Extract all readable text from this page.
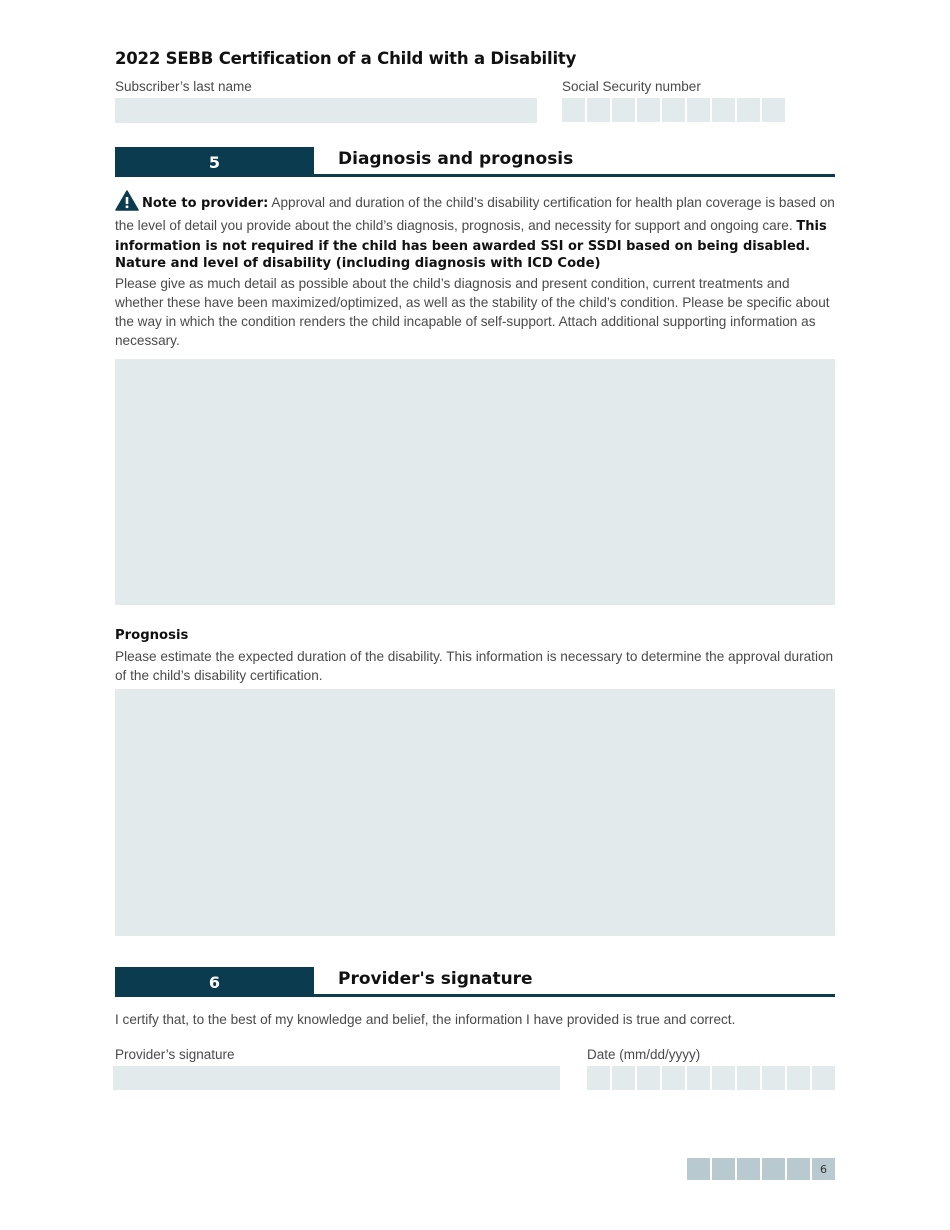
2022 SEBB Certification of a Child with a Disability
Subscriber’s last name	Social Security number
5	Diagnosis and prognosis
Note to provider: Approval and duration of the child’s disability certification for health plan coverage is based on the level of detail you provide about the child’s diagnosis, prognosis, and necessity for support and ongoing care. This information is not required if the child has been awarded SSI or SSDI based on being disabled.
Nature and level of disability (including diagnosis with ICD Code)
Please give as much detail as possible about the child’s diagnosis and present condition, current treatments and whether these have been maximized/optimized, as well as the stability of the child’s condition. Please be specific about the way in which the condition renders the child incapable of self-support. Attach additional supporting information as necessary.
Prognosis
Please estimate the expected duration of the disability. This information is necessary to determine the approval duration of the child’s disability certification.
6	Provider's signature
I certify that, to the best of my knowledge and belief, the information I have provided is true and correct.
Provider’s signature	Date (mm/dd/yyyy)
6
